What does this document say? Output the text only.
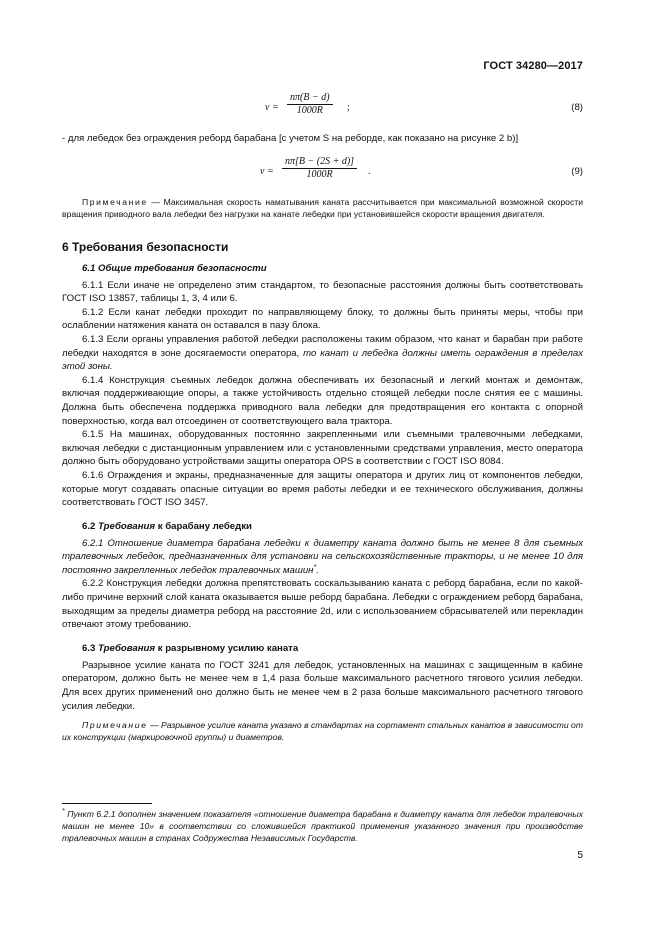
ГОСТ 34280—2017
$v = \frac{n\pi(B - d)}{1000R}$ ;	(8)

- для лебедок без ограждения реборд барабана [с учетом S на реборде, как показано на рисунке 2 b)]

$v = \frac{n\pi[B - (2S + d)]}{1000R}$ .	(9)

Примечание — Максимальная скорость наматывания каната рассчитывается при максимальной возможной скорости вращения приводного вала лебедки без нагрузки на канате лебедки при установившейся скорости вращения двигателя.

6 Требования безопасности
6.1 Общие требования безопасности

6.1.1 Если иначе не определено этим стандартом, то безопасные расстояния должны быть соответствовать ГОСТ ISO 13857, таблицы 1, 3, 4 или 6.

6.1.2 Если канат лебедки проходит по направляющему блоку, то должны быть приняты меры, чтобы при ослаблении натяжения каната он оставался в пазу блока.

6.1.3 Если органы управления работой лебедки расположены таким образом, что канат и барабан при работе лебедки находятся в зоне досягаемости оператора, то канат и лебедка должны иметь ограждения в пределах этой зоны.

6.1.4 Конструкция съемных лебедок должна обеспечивать их безопасный и легкий монтаж и демонтаж, включая поддерживающие опоры, а также устойчивость отдельно стоящей лебедки после снятия ее с машины. Должна быть обеспечена поддержка приводного вала лебедки для предотвращения его контакта с опорной поверхностью, когда вал отсоединен от соответствующего вала трактора.

6.1.5 На машинах, оборудованных постоянно закрепленными или съемными тралевочными лебедками, включая лебедки с дистанционным управлением или с установленными средствами управления, место оператора должно быть оборудовано устройствами защиты оператора OPS в соответствии с ГОСТ ISO 8084.

6.1.6 Ограждения и экраны, предназначенные для защиты оператора и других лиц от компонентов лебедки, которые могут создавать опасные ситуации во время работы лебедки и ее технического обслуживания, должны соответствовать ГОСТ ISO 3457.

6.2 Требования к барабану лебедки

6.2.1 Отношение диаметра барабана лебедки к диаметру каната должно быть не менее 8 для съемных тралевочных лебедок, предназначенных для установки на сельскохозяйственные тракторы, и не менее 10 для постоянно закрепленных лебедок тралевочных машин*.

6.2.2 Конструкция лебедки должна препятствовать соскальзыванию каната с реборд барабана, если по какой-либо причине верхний слой каната оказывается выше реборд барабана. Лебедки с ограждением реборд барабана, выходящим за пределы диаметра реборд на расстояние 2d, или с использованием сбрасывателей или перекладин отвечают этому требованию.

6.3 Требования к разрывному усилию каната

Разрывное усилие каната по ГОСТ 3241 для лебедок, установленных на машинах с защищенным в кабине оператором, должно быть не менее чем в 1,4 раза больше максимального расчетного тягового усилия лебедки. Для всех других применений оно должно быть не менее чем в 2 раза больше максимального расчетного тягового усилия лебедки.

Примечание — Разрывное усилие каната указано в стандартах на сортамент стальных канатов в зависимости от их конструкции (маркировочной группы) и диаметров.

* Пункт 6.2.1 дополнен значением показателя «отношение диаметра барабана к диаметру каната для лебедок тралевочных машин не менее 10» в соответствии со сложившейся практикой применения указанного значения при производстве тралевочных машин в странах Содружества Независимых Государств.
5
